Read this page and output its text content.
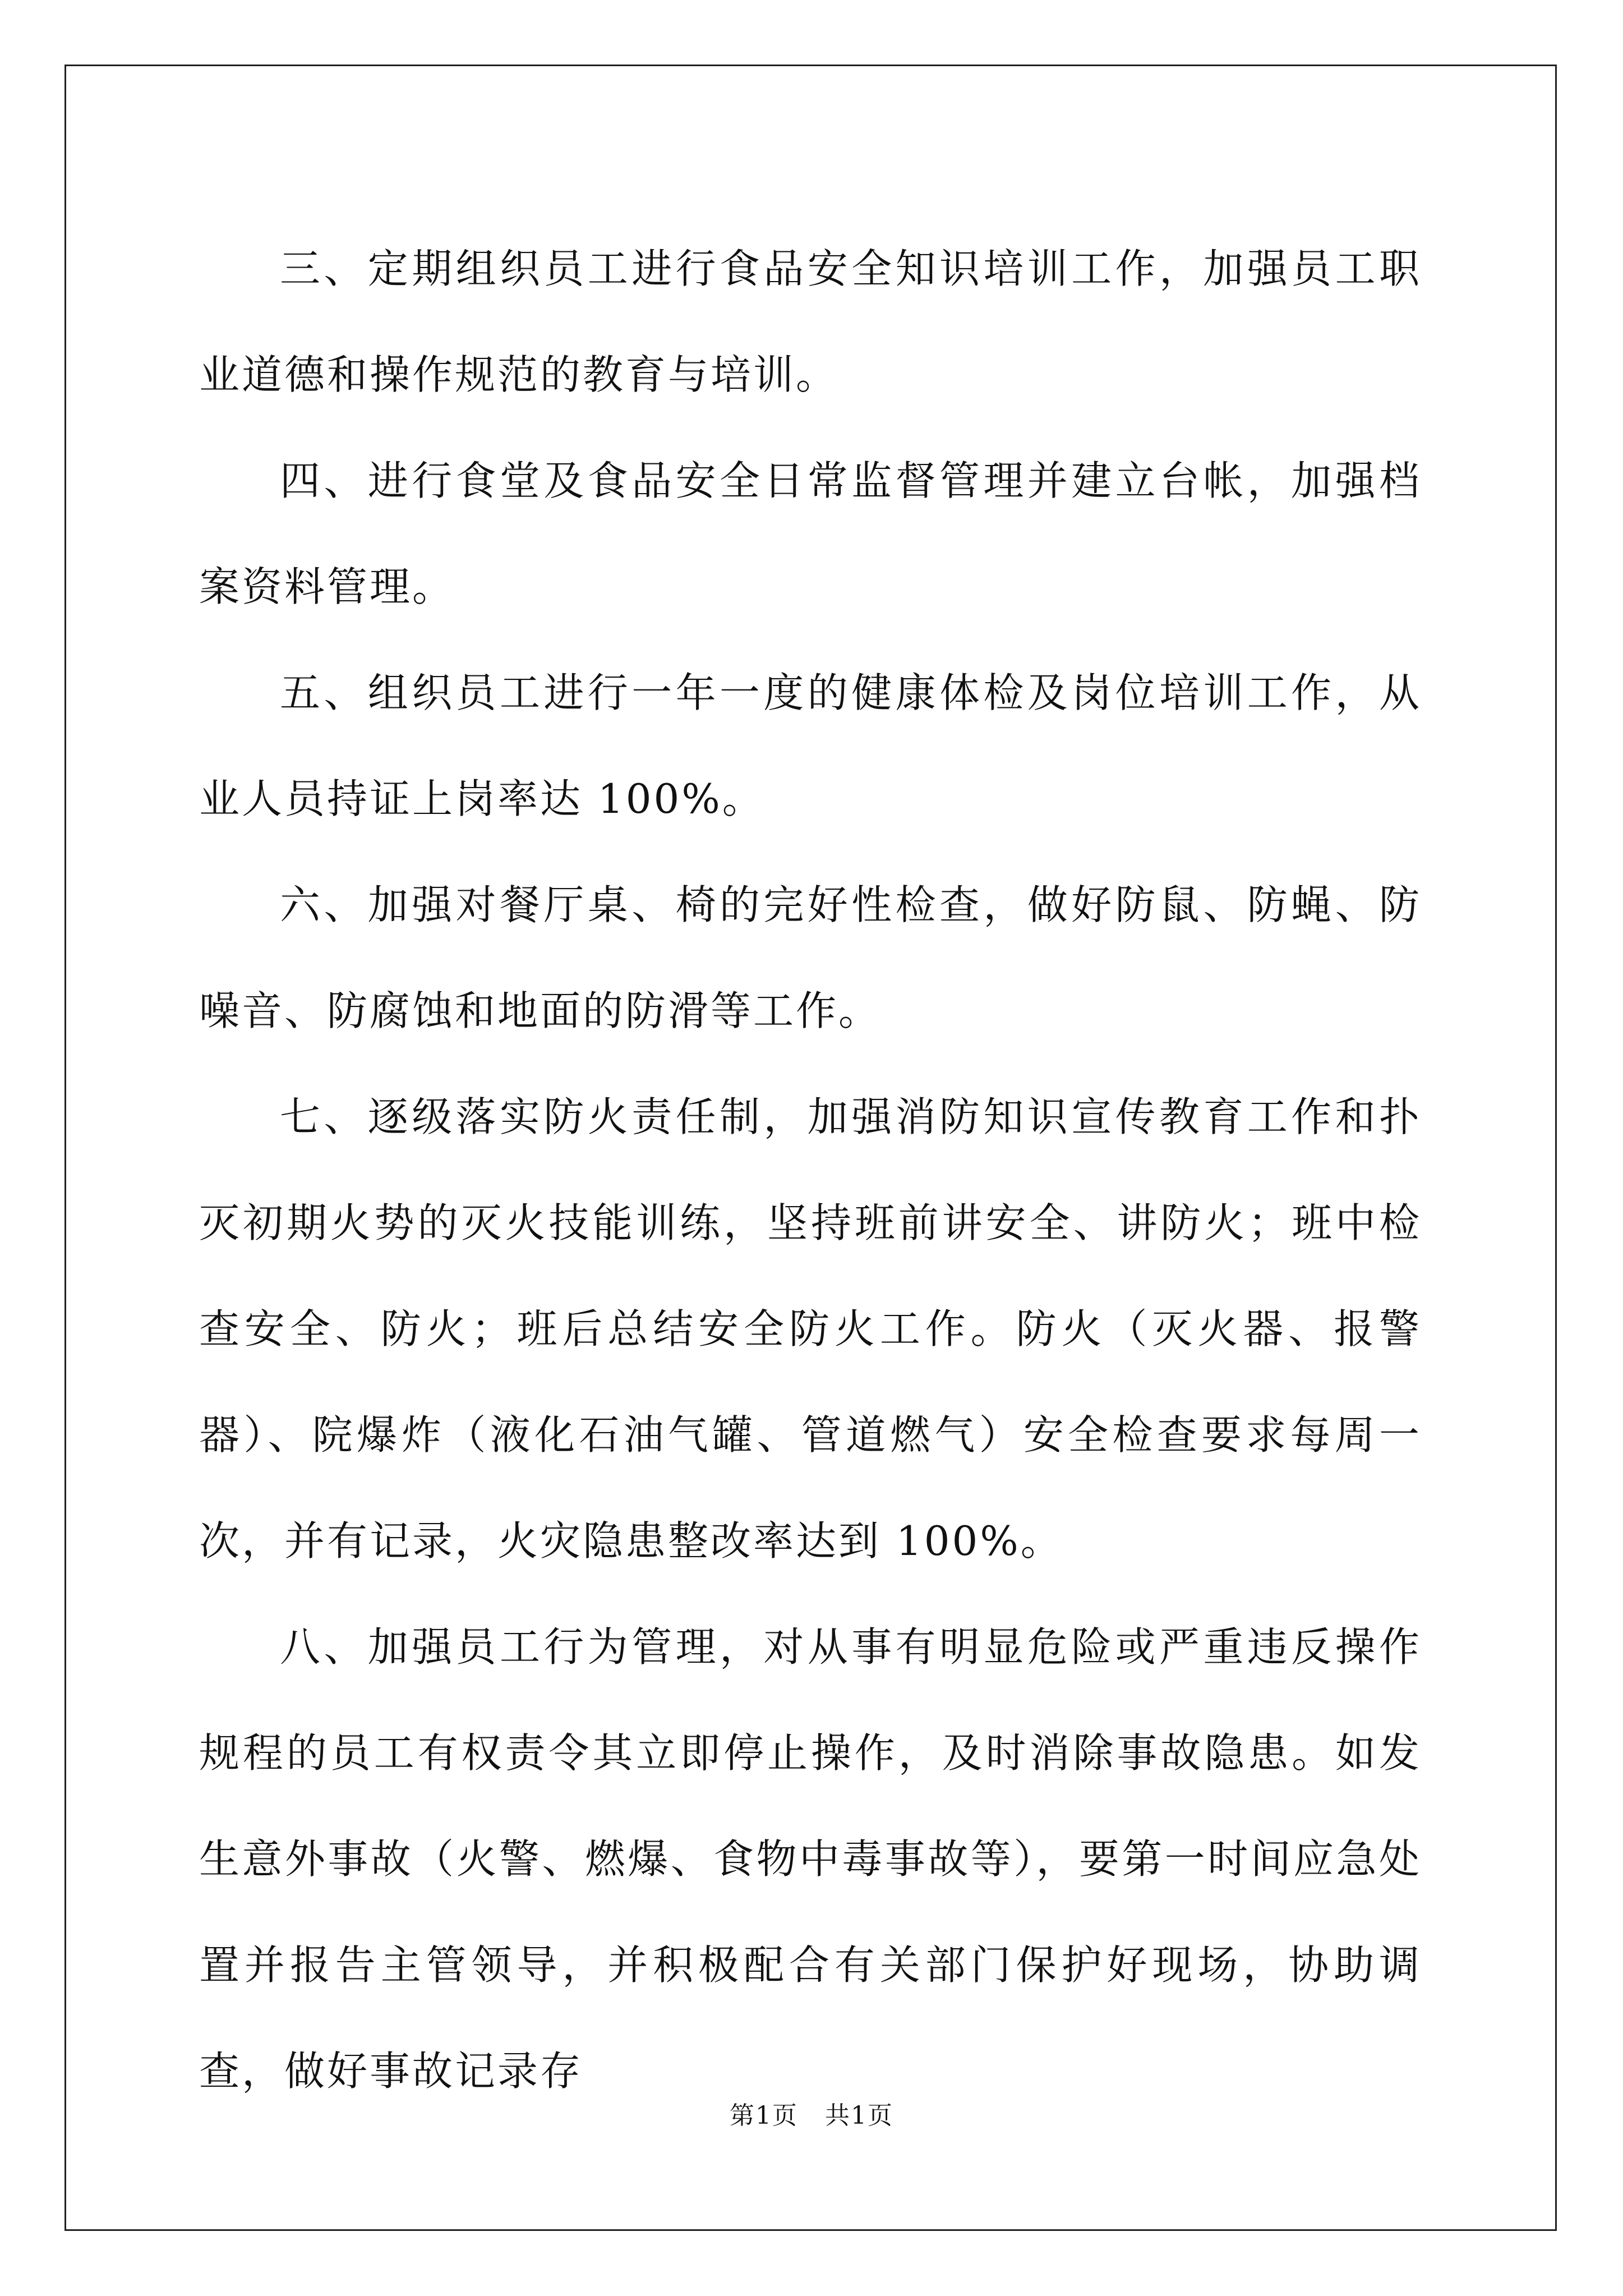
三、定期组织员工进行食品安全知识培训工作，加强员工职业道德和操作规范的教育与培训。

四、进行食堂及食品安全日常监督管理并建立台帐，加强档案资料管理。

五、组织员工进行一年一度的健康体检及岗位培训工作，从业人员持证上岗率达 100%。

六、加强对餐厅桌、椅的完好性检查，做好防鼠、防蝇、防噪音、防腐蚀和地面的防滑等工作。

七、逐级落实防火责任制，加强消防知识宣传教育工作和扑灭初期火势的灭火技能训练，坚持班前讲安全、讲防火；班中检查安全、防火；班后总结安全防火工作。防火（灭火器、报警器）、院爆炸（液化石油气罐、管道燃气）安全检查要求每周一次，并有记录，火灾隐患整改率达到 100%。

八、加强员工行为管理，对从事有明显危险或严重违反操作规程的员工有权责令其立即停止操作，及时消除事故隐患。如发生意外事故（火警、燃爆、食物中毒事故等），要第一时间应急处置并报告主管领导，并积极配合有关部门保护好现场，协助调查，做好事故记录存

第1页 共1页
